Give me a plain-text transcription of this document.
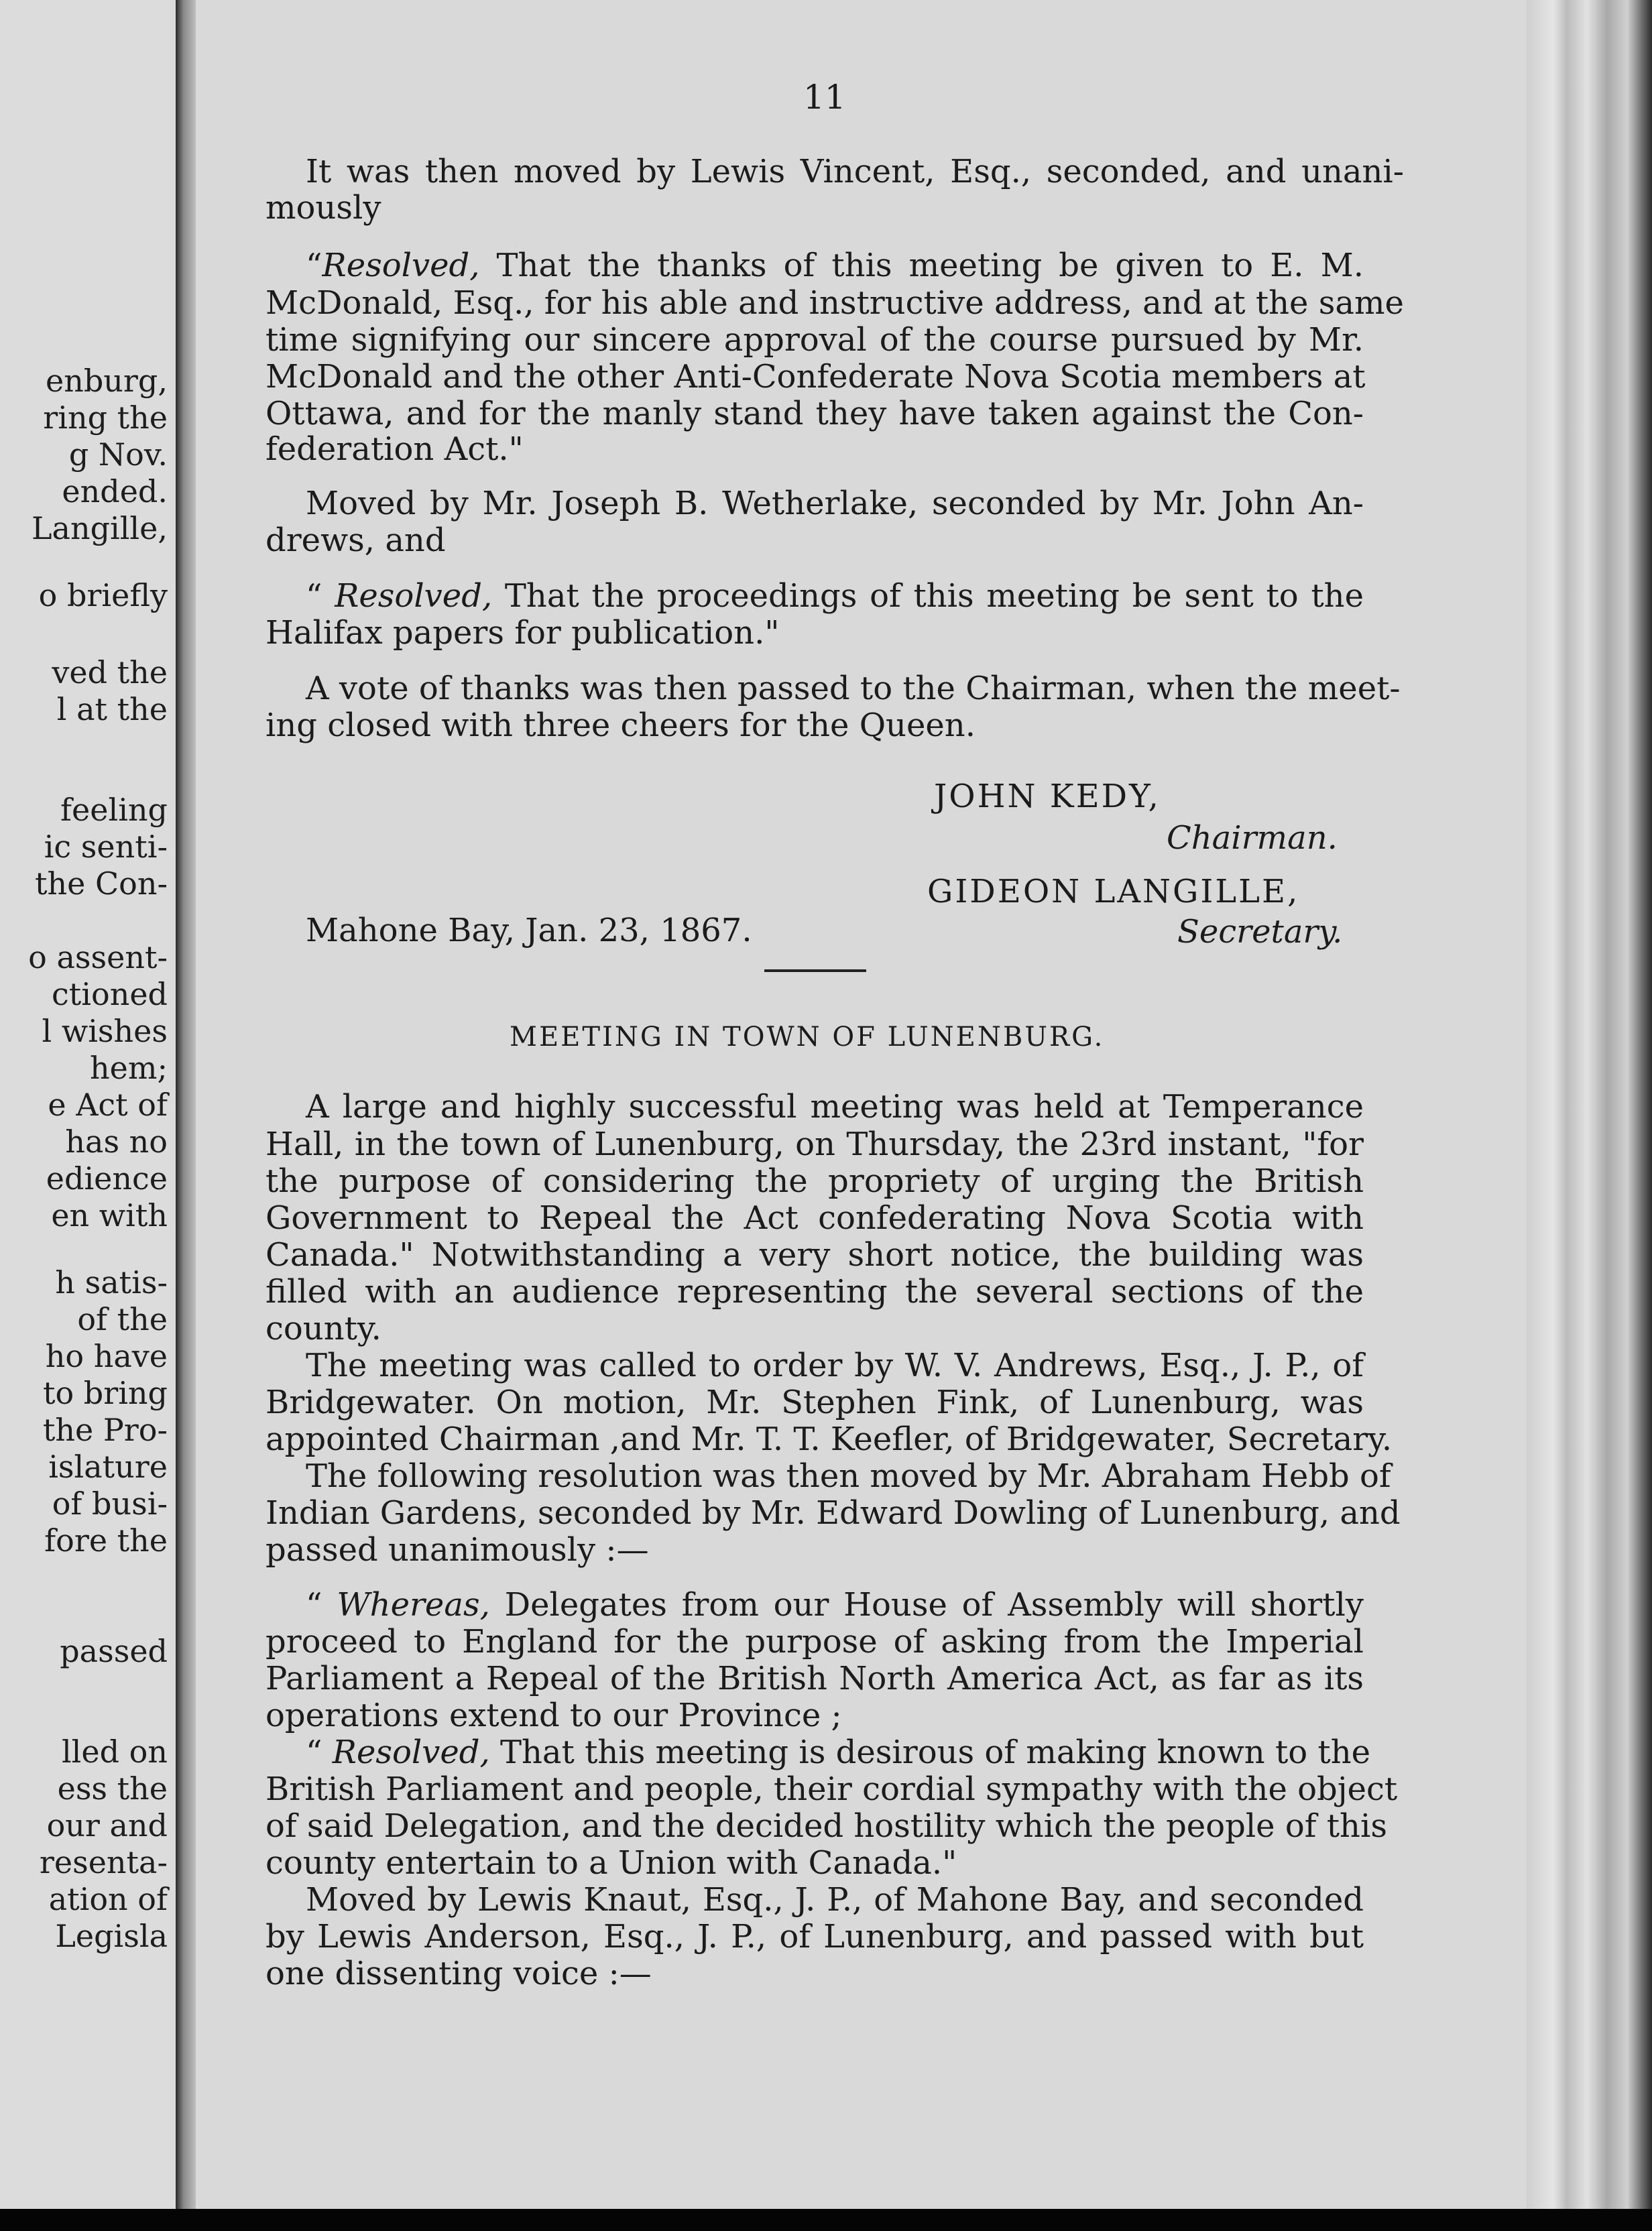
enburg,
ring the
g Nov.
ended.
Langille,
o briefly
ved the
l at the
feeling
ic senti-
the Con-
o assent-
ctioned
l wishes
hem;
e Act of
has no
edience
en with
h satis-
of the
ho have
to bring
the Pro-
islature
of busi-
fore the
passed
lled on
ess the
our and
resenta-
ation of
Legisla
11
It was then moved by Lewis Vincent, Esq., seconded, and unani-
mously
“Resolved, That the thanks of this meeting be given to E. M.
McDonald, Esq., for his able and instructive address, and at the same
time signifying our sincere approval of the course pursued by Mr.
McDonald and the other Anti-Confederate Nova Scotia members at
Ottawa, and for the manly stand they have taken against the Con-
federation Act."
Moved by Mr. Joseph B. Wetherlake, seconded by Mr. John An-
drews, and
“ Resolved, That the proceedings of this meeting be sent to the
Halifax papers for publication."
A vote of thanks was then passed to the Chairman, when the meet-
ing closed with three cheers for the Queen.
JOHN KEDY,
Chairman.
GIDEON LANGILLE,
Mahone Bay, Jan. 23, 1867.	Secretary.
MEETING IN TOWN OF LUNENBURG.
A large and highly successful meeting was held at Temperance
Hall, in the town of Lunenburg, on Thursday, the 23rd instant, "for
the purpose of considering the propriety of urging the British
Government to Repeal the Act confederating Nova Scotia with
Canada." Notwithstanding a very short notice, the building was
filled with an audience representing the several sections of the
county.
The meeting was called to order by W. V. Andrews, Esq., J. P., of
Bridgewater. On motion, Mr. Stephen Fink, of Lunenburg, was
appointed Chairman ,and Mr. T. T. Keefler, of Bridgewater, Secretary.
The following resolution was then moved by Mr. Abraham Hebb of
Indian Gardens, seconded by Mr. Edward Dowling of Lunenburg, and
passed unanimously :—
“ Whereas, Delegates from our House of Assembly will shortly
proceed to England for the purpose of asking from the Imperial
Parliament a Repeal of the British North America Act, as far as its
operations extend to our Province ;
“ Resolved, That this meeting is desirous of making known to the
British Parliament and people, their cordial sympathy with the object
of said Delegation, and the decided hostility which the people of this
county entertain to a Union with Canada."
Moved by Lewis Knaut, Esq., J. P., of Mahone Bay, and seconded
by Lewis Anderson, Esq., J. P., of Lunenburg, and passed with but
one dissenting voice :—
